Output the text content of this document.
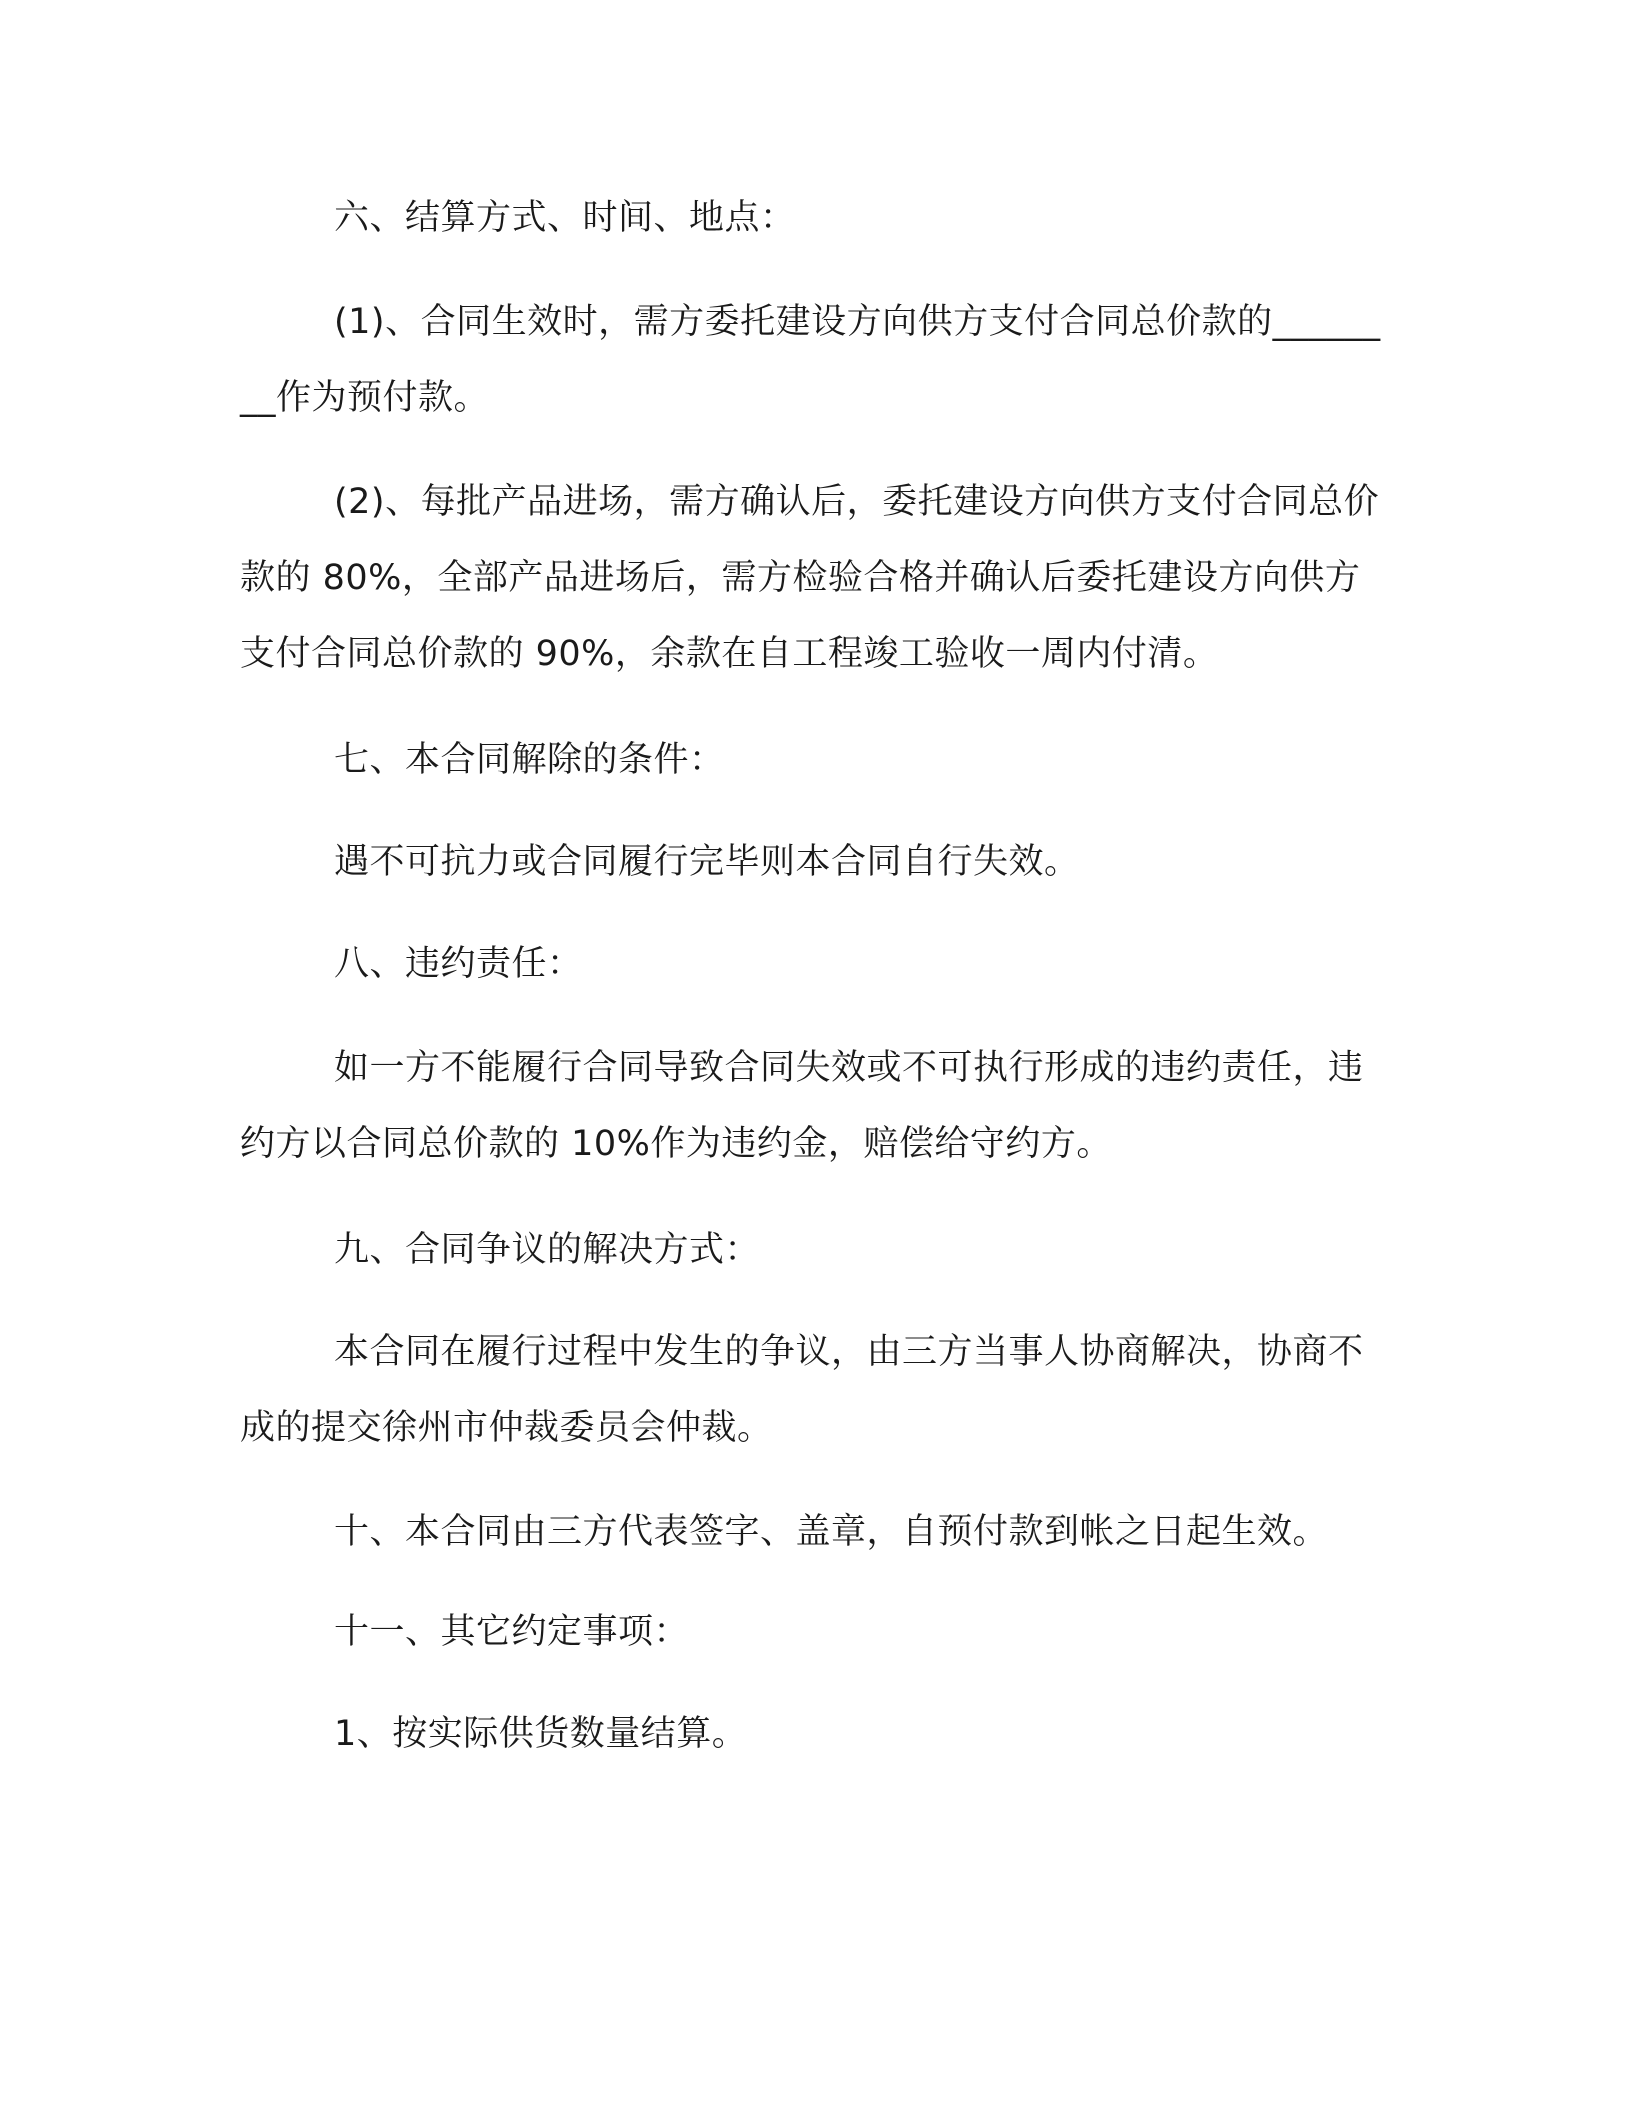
六、结算方式、时间、地点：

(1)、合同生效时，需方委托建设方向供方支付合同总价款的________作为预付款。

(2)、每批产品进场，需方确认后，委托建设方向供方支付合同总价款的 80%，全部产品进场后，需方检验合格并确认后委托建设方向供方支付合同总价款的 90%，余款在自工程竣工验收一周内付清。

七、本合同解除的条件：

遇不可抗力或合同履行完毕则本合同自行失效。

八、违约责任：

如一方不能履行合同导致合同失效或不可执行形成的违约责任，违约方以合同总价款的 10%作为违约金，赔偿给守约方。

九、合同争议的解决方式：

本合同在履行过程中发生的争议，由三方当事人协商解决，协商不成的提交徐州市仲裁委员会仲裁。

十、本合同由三方代表签字、盖章，自预付款到帐之日起生效。

十一、其它约定事项：

1、按实际供货数量结算。
